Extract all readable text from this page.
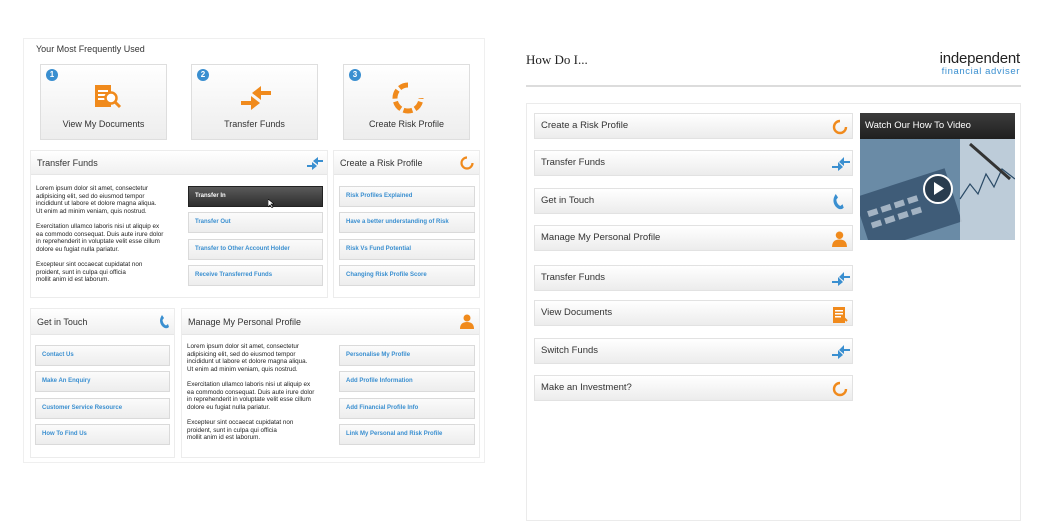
Your Most Frequently Used
1
View My Documents
2
Transfer Funds
3
Create Risk Profile
Transfer Funds
Lorem ipsum dolor sit amet, consectetur
adipisicing elit, sed do eiusmod tempor
incididunt ut labore et dolore magna aliqua.
Ut enim ad minim veniam, quis nostrud.

Exercitation ullamco laboris nisi ut aliquip ex
ea commodo consequat. Duis aute irure dolor
in reprehenderit in voluptate velit esse cillum
dolore eu fugiat nulla pariatur.

Excepteur sint occaecat cupidatat non
proident, sunt in culpa qui officia
mollit anim id est laborum.
Transfer In
Transfer Out
Transfer to Other Account Holder
Receive Transferred Funds
Create a Risk Profile
Risk Profiles Explained
Have a better understanding of Risk
Risk Vs Fund Potential
Changing Risk Profile Score
Get in Touch
Contact Us
Make An Enquiry
Customer Service Resource
How To Find Us
Manage My Personal Profile
Lorem ipsum dolor sit amet, consectetur
adipisicing elit, sed do eiusmod tempor
incididunt ut labore et dolore magna aliqua.
Ut enim ad minim veniam, quis nostrud.

Exercitation ullamco laboris nisi ut aliquip ex
ea commodo consequat. Duis aute irure dolor
in reprehenderit in voluptate velit esse cillum
dolore eu fugiat nulla pariatur.

Excepteur sint occaecat cupidatat non
proident, sunt in culpa qui officia
mollit anim id est laborum.
Personalise My Profile
Add Profile Information
Add Financial Profile Info
Link My Personal and Risk Profile
How Do I...	independent
financial adviser
Create a Risk Profile
Transfer Funds
Get in Touch
Manage My Personal Profile
Transfer Funds
View Documents
Switch Funds
Make an Investment?
Watch Our How To Video
